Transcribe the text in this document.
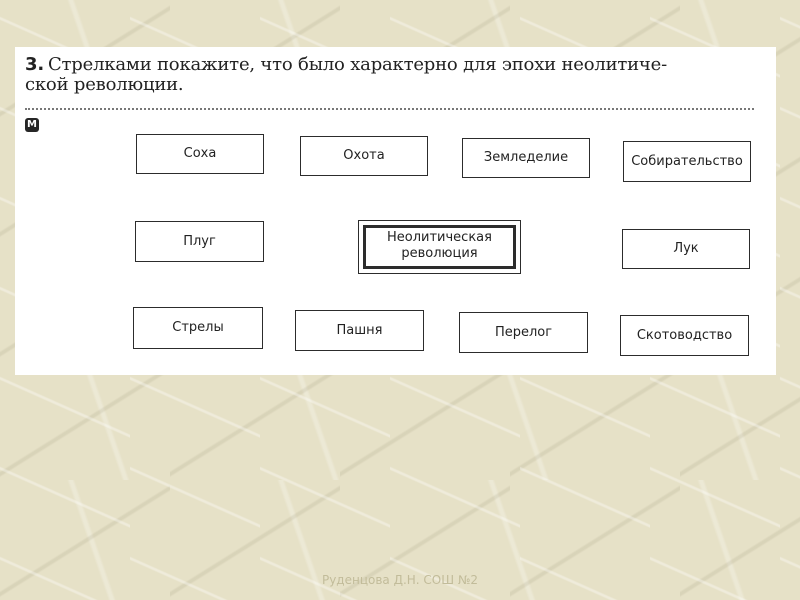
3. Стрелками покажите, что было характерно для эпохи неолитиче-
ской революции.
M
Соха	Охота	Земледелие	Собирательство
Плуг	Неолитическая
революция	Лук
Стрелы	Пашня	Перелог	Скотоводство
Руденцова Д.Н. СОШ №2
